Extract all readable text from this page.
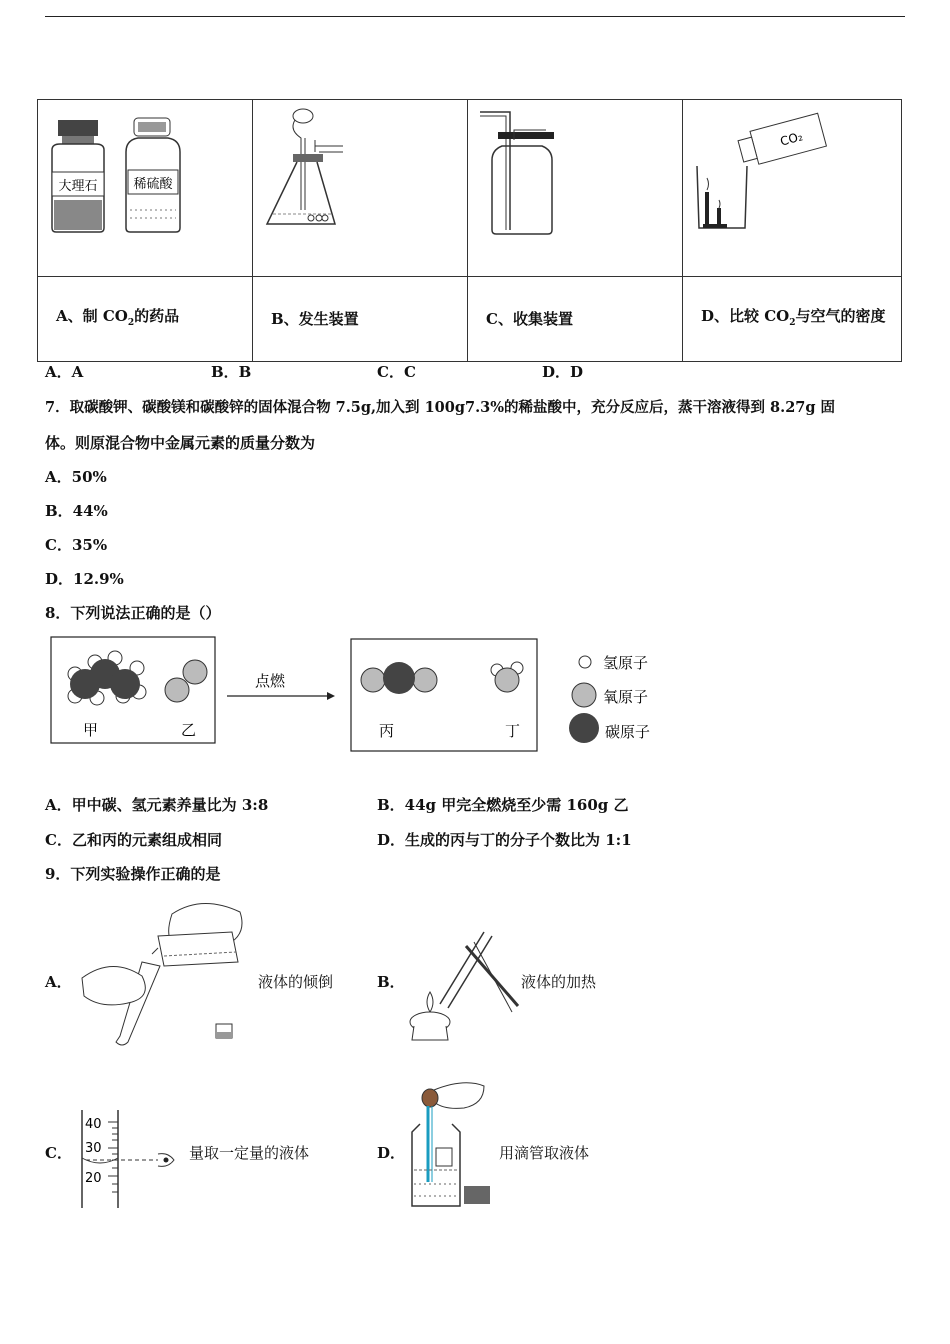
大理石 稀硫酸			CO₂

A、制 $CO_2$的药品	B、发生装置	C、收集装置	D、比较 $CO_2$与空气的密度
A．A	B．B	C．C	D．D
7．取碳酸钾、碳酸镁和碳酸锌的固体混合物 7.5g,加入到 100g7.3%的稀盐酸中，充分反应后，蒸干溶液得到 8.27g 固
体。则原混合物中金属元素的质量分数为
A．50%
B．44%
C．35%
D．12.9%
8．下列说法正确的是（）
甲	乙
点燃
丙	丁
氢原子
氧原子
碳原子
A．甲中碳、氢元素养量比为 3:8	B．44g 甲完全燃烧至少需 160g 乙
C．乙和丙的元素组成相同	D．生成的丙与丁的分子个数比为 1:1
9．下列实验操作正确的是
A．	液体的倾倒	B．	液体的加热
C．
40
30
20
量取一定量的液体	D．	用滴管取液体
